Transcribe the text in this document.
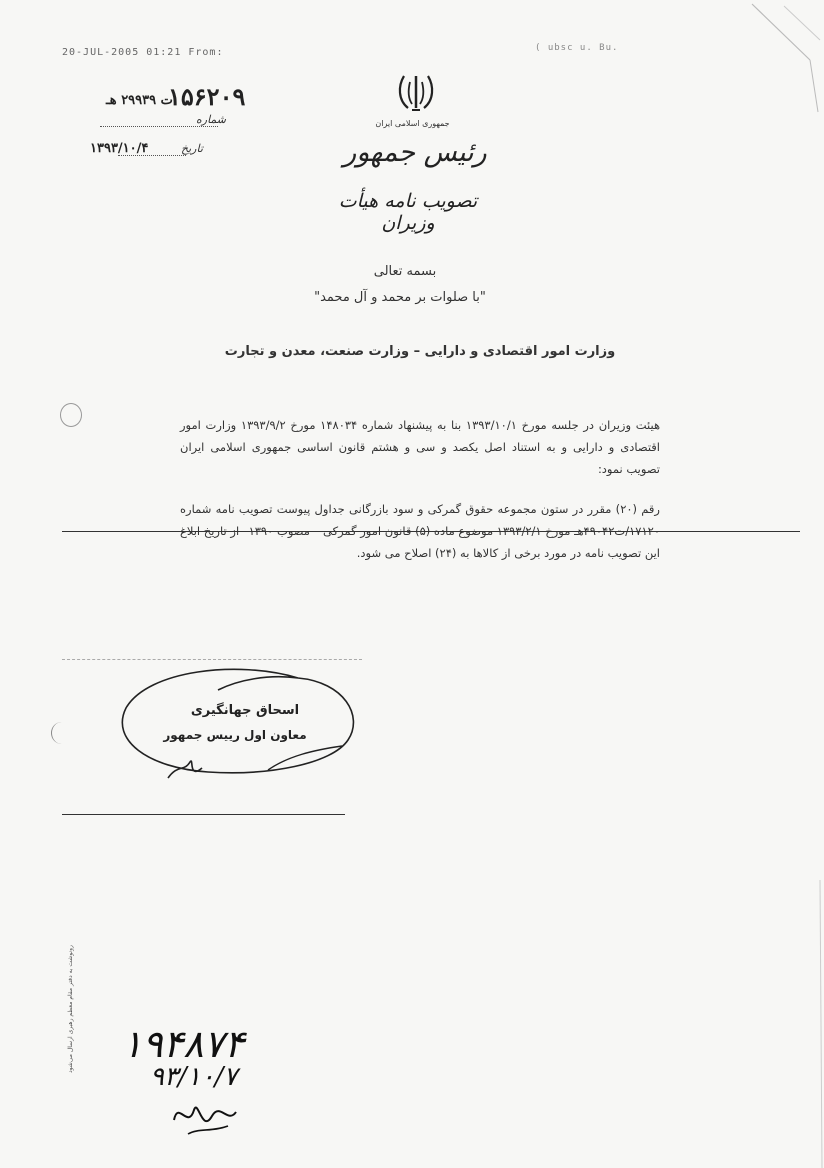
20-JUL-2005 01:21 From:	( ubsc u. Bu.
۱۵۶۲۰۹
ت ۲۹۹۳۹ هـ
شماره
۱۳۹۳/۱۰/۴	تاریخ
جمهوری اسلامی ایران
رئیس جمهور
تصویب نامه هیأت وزیران
بسمه تعالی
"با صلوات بر محمد و آل محمد"
وزارت امور اقتصادی و دارایی – وزارت صنعت، معدن و تجارت
هیئت وزیران در جلسه مورخ ۱۳۹۳/۱۰/۱ بنا به پیشنهاد شماره ۱۴۸۰۳۴ مورخ ۱۳۹۳/۹/۲ وزارت امور اقتصادی و دارایی و به استناد اصل یکصد و سی و هشتم قانون اساسی جمهوری اسلامی ایران تصویب نمود:
رقم (۲۰) مقرر در ستون مجموعه حقوق گمرکی و سود بازرگانی جداول پیوست تصویب نامه شماره ۱۷۱۲۰/ت۴۹۰۴۲هـ مورخ ۱۳۹۳/۲/۱ موضوع ماده (۵) قانون امور گمرکی – مصوب ۱۳۹۰– از تاریخ ابلاغ این تصویب نامه در مورد برخی از کالاها به (۲۴) اصلاح می شود.
اسحاق جهانگیری
معاون اول رییس جمهور
رونوشت به دفتر مقام معظم رهبری ارسال می‌شود ۱۹۴۸۷۴
۹۳/۱۰/۷
